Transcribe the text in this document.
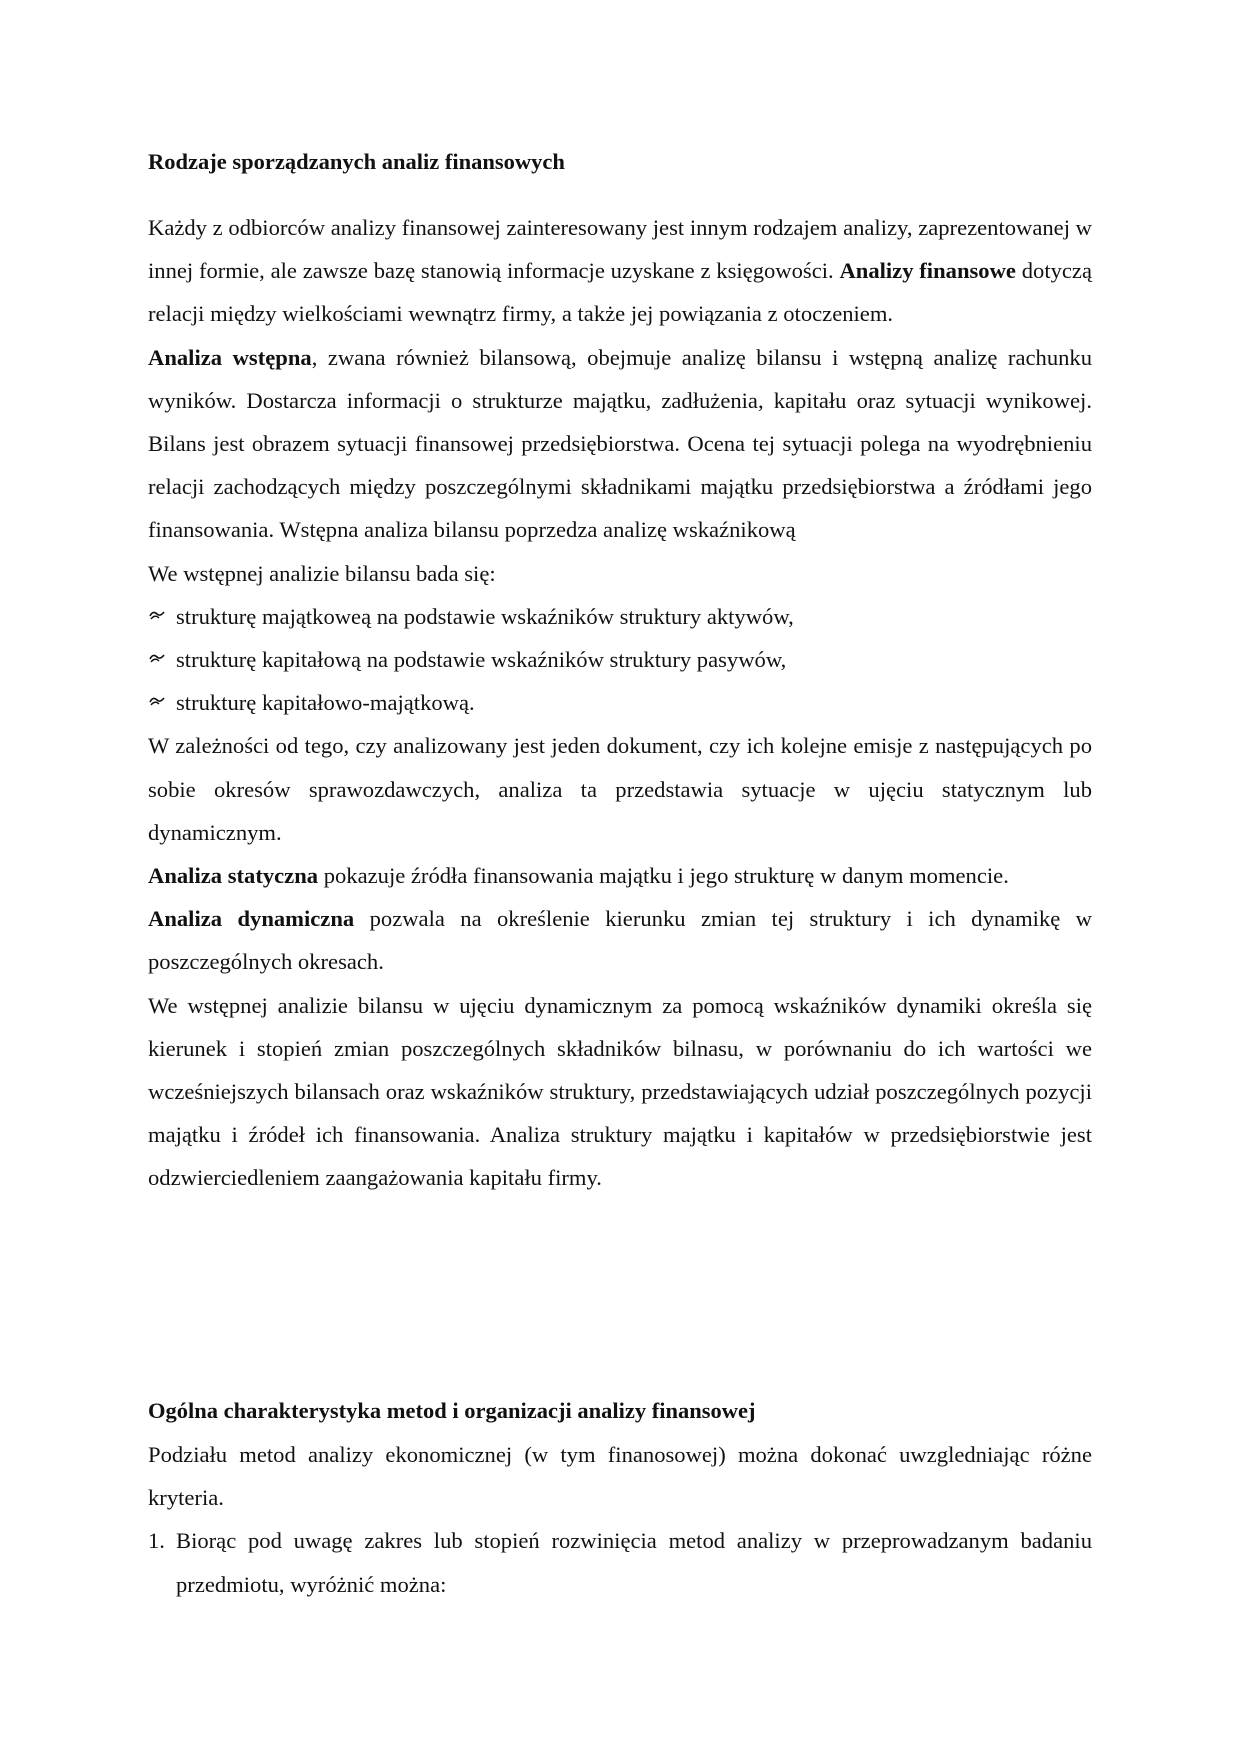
Rodzaje sporządzanych analiz finansowych

Każdy z odbiorców analizy finansowej zainteresowany jest innym rodzajem analizy, zaprezentowanej w innej formie, ale zawsze bazę stanowią informacje uzyskane z księgowości. Analizy finansowe dotyczą relacji między wielkościami wewnątrz firmy, a także jej powiązania z otoczeniem.

Analiza wstępna, zwana również bilansową, obejmuje analizę bilansu i wstępną analizę rachunku wyników. Dostarcza informacji o strukturze majątku, zadłużenia, kapitału oraz sytuacji wynikowej. Bilans jest obrazem sytuacji finansowej przedsiębiorstwa. Ocena tej sytuacji polega na wyodrębnieniu relacji zachodzących między poszczególnymi składnikami majątku przedsiębiorstwa a źródłami jego finansowania. Wstępna analiza bilansu poprzedza analizę wskaźnikową

We wstępnej analizie bilansu bada się:

strukturę majątkoweą na podstawie wskaźników struktury aktywów,
strukturę kapitałową na podstawie wskaźników struktury pasywów,
strukturę kapitałowo-majątkową.

W zależności od tego, czy analizowany jest jeden dokument, czy ich kolejne emisje z następujących po sobie okresów sprawozdawczych, analiza ta przedstawia sytuacje w ujęciu statycznym lub dynamicznym.

Analiza statyczna pokazuje źródła finansowania majątku i jego strukturę w danym momencie.

Analiza dynamiczna pozwala na określenie kierunku zmian tej struktury i ich dynamikę w poszczególnych okresach.

We wstępnej analizie bilansu w ujęciu dynamicznym za pomocą wskaźników dynamiki określa się kierunek i stopień zmian poszczególnych składników bilnasu, w porównaniu do ich wartości we wcześniejszych bilansach oraz wskaźników struktury, przedstawiających udział poszczególnych pozycji majątku i źródeł ich finansowania. Analiza struktury majątku i kapitałów w przedsiębiorstwie jest odzwierciedleniem zaangażowania kapitału firmy.

Ogólna charakterystyka metod i organizacji analizy finansowej

Podziału metod analizy ekonomicznej (w tym finanosowej) można dokonać uwzgledniając różne kryteria.

1. Biorąc pod uwagę zakres lub stopień rozwinięcia metod analizy w przeprowadzanym badaniu przedmiotu, wyróżnić można:
